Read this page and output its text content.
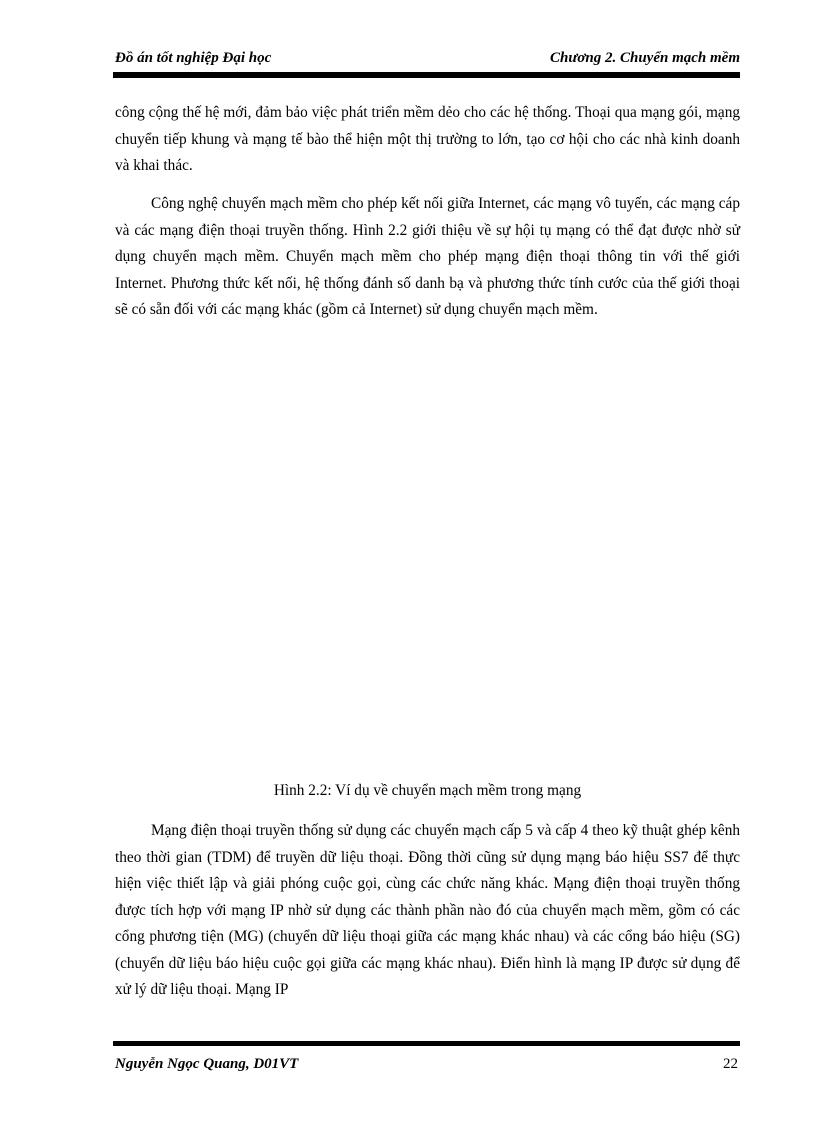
Đồ án tốt nghiệp Đại học	Chương 2. Chuyển mạch mềm

công cộng thế hệ mới, đảm bảo việc phát triển mềm dẻo cho các hệ thống. Thoại qua mạng gói, mạng chuyển tiếp khung và mạng tế bào thể hiện một thị trường to lớn, tạo cơ hội cho các nhà kinh doanh và khai thác.

Công nghệ chuyển mạch mềm cho phép kết nối giữa Internet, các mạng vô tuyến, các mạng cáp và các mạng điện thoại truyền thống. Hình 2.2 giới thiệu về sự hội tụ mạng có thể đạt được nhờ sử dụng chuyển mạch mềm. Chuyển mạch mềm cho phép mạng điện thoại thông tin với thế giới Internet. Phương thức kết nối, hệ thống đánh số danh bạ và phương thức tính cước của thế giới thoại sẽ có sẵn đối với các mạng khác (gồm cả Internet) sử dụng chuyển mạch mềm.

Hình 2.2: Ví dụ về chuyển mạch mềm trong mạng

Mạng điện thoại truyền thống sử dụng các chuyển mạch cấp 5 và cấp 4 theo kỹ thuật ghép kênh theo thời gian (TDM) để truyền dữ liệu thoại. Đồng thời cũng sử dụng mạng báo hiệu SS7 để thực hiện việc thiết lập và giải phóng cuộc gọi, cùng các chức năng khác. Mạng điện thoại truyền thống được tích hợp với mạng IP nhờ sử dụng các thành phần nào đó của chuyển mạch mềm, gồm có các cổng phương tiện (MG) (chuyển dữ liệu thoại giữa các mạng khác nhau) và các cổng báo hiệu (SG) (chuyển dữ liệu báo hiệu cuộc gọi giữa các mạng khác nhau). Điển hình là mạng IP được sử dụng để xử lý dữ liệu thoại. Mạng IP

Nguyễn Ngọc Quang, D01VT	22
